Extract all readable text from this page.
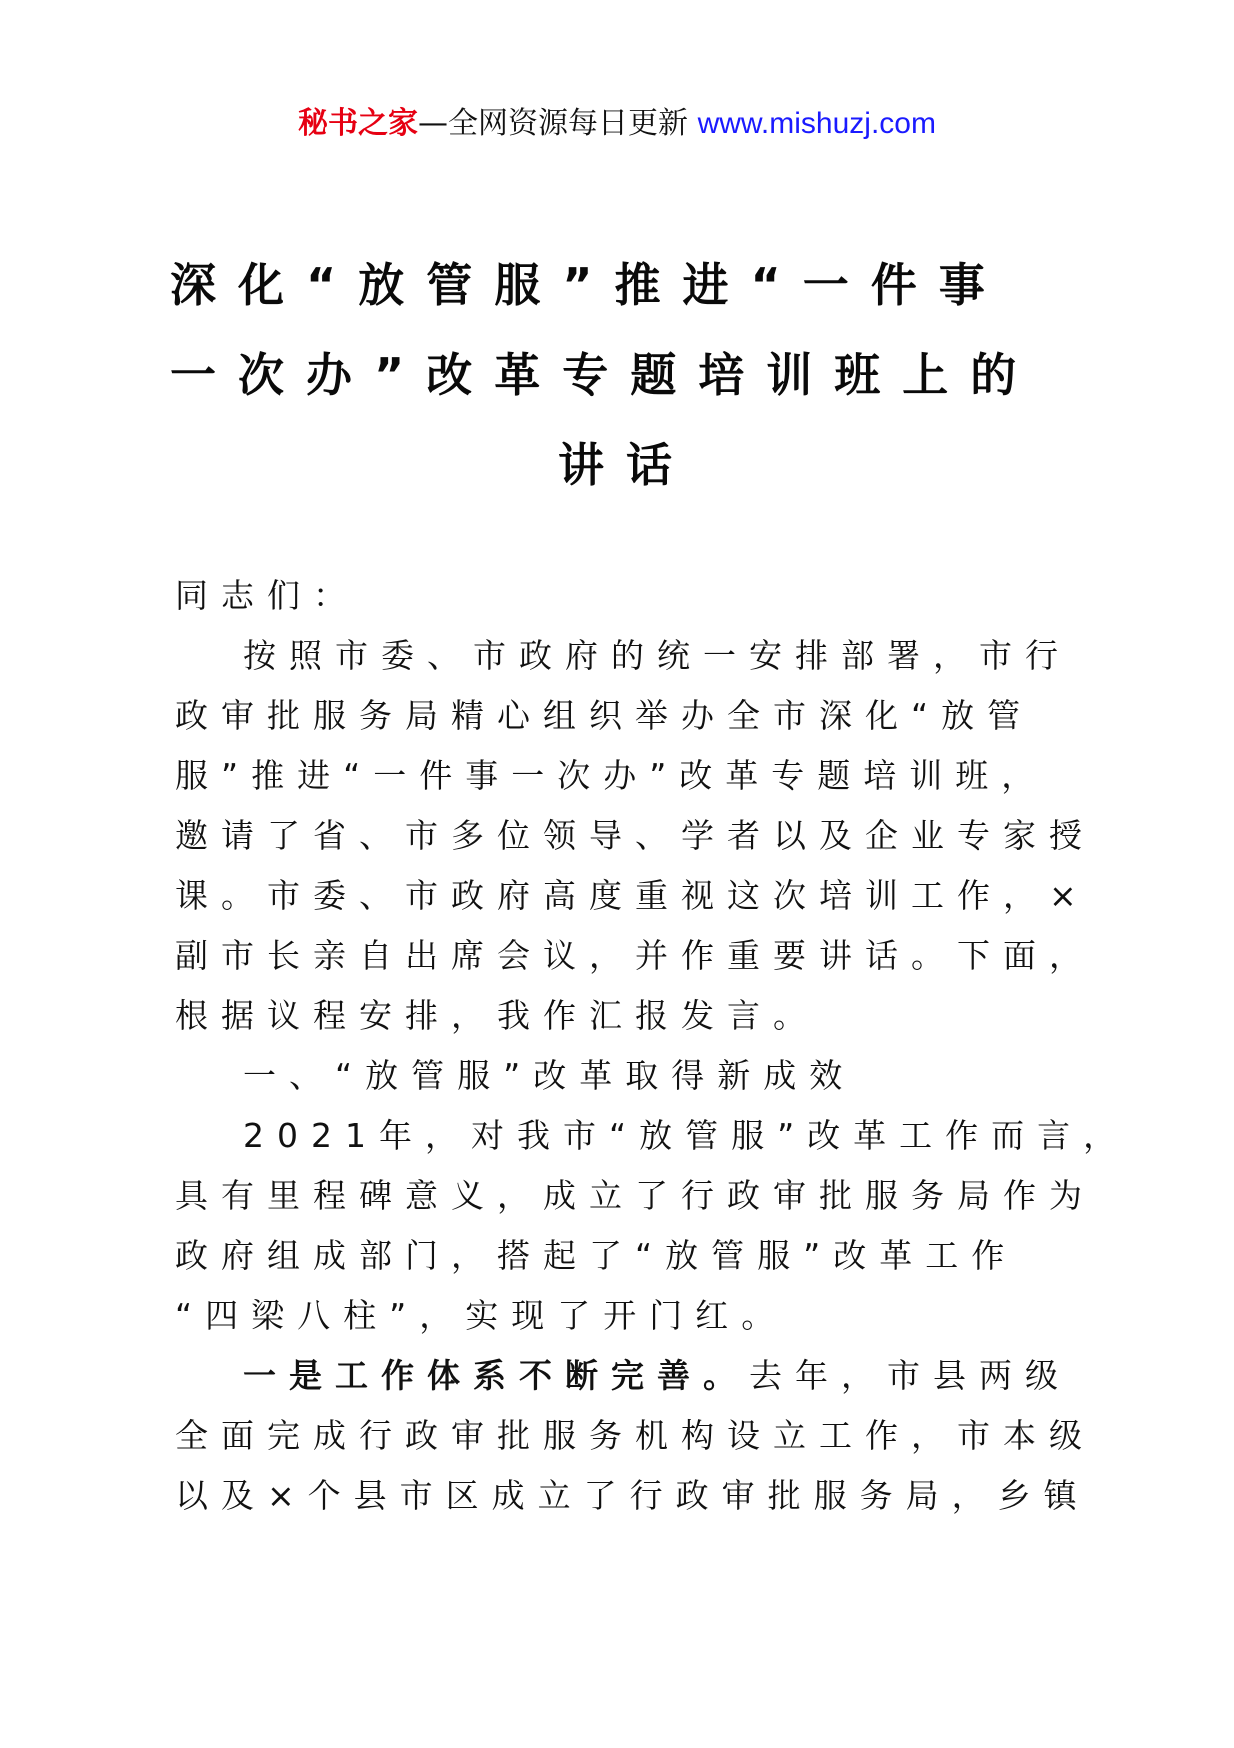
秘书之家—全网资源每日更新 www.mishuzj.com
深化“放管服”推进“一件事
一次办”改革专题培训班上的
讲话
同志们：
按照市委、市政府的统一安排部署，市行
政审批服务局精心组织举办全市深化“放管
服”推进“一件事一次办”改革专题培训班，
邀请了省、市多位领导、学者以及企业专家授
课。市委、市政府高度重视这次培训工作，×
副市长亲自出席会议，并作重要讲话。下面，
根据议程安排，我作汇报发言。
一、“放管服”改革取得新成效
2021年，对我市“放管服”改革工作而言，
具有里程碑意义，成立了行政审批服务局作为
政府组成部门，搭起了“放管服”改革工作
“四梁八柱”，实现了开门红。
一是工作体系不断完善。去年，市县两级
全面完成行政审批服务机构设立工作，市本级
以及×个县市区成立了行政审批服务局，乡镇
